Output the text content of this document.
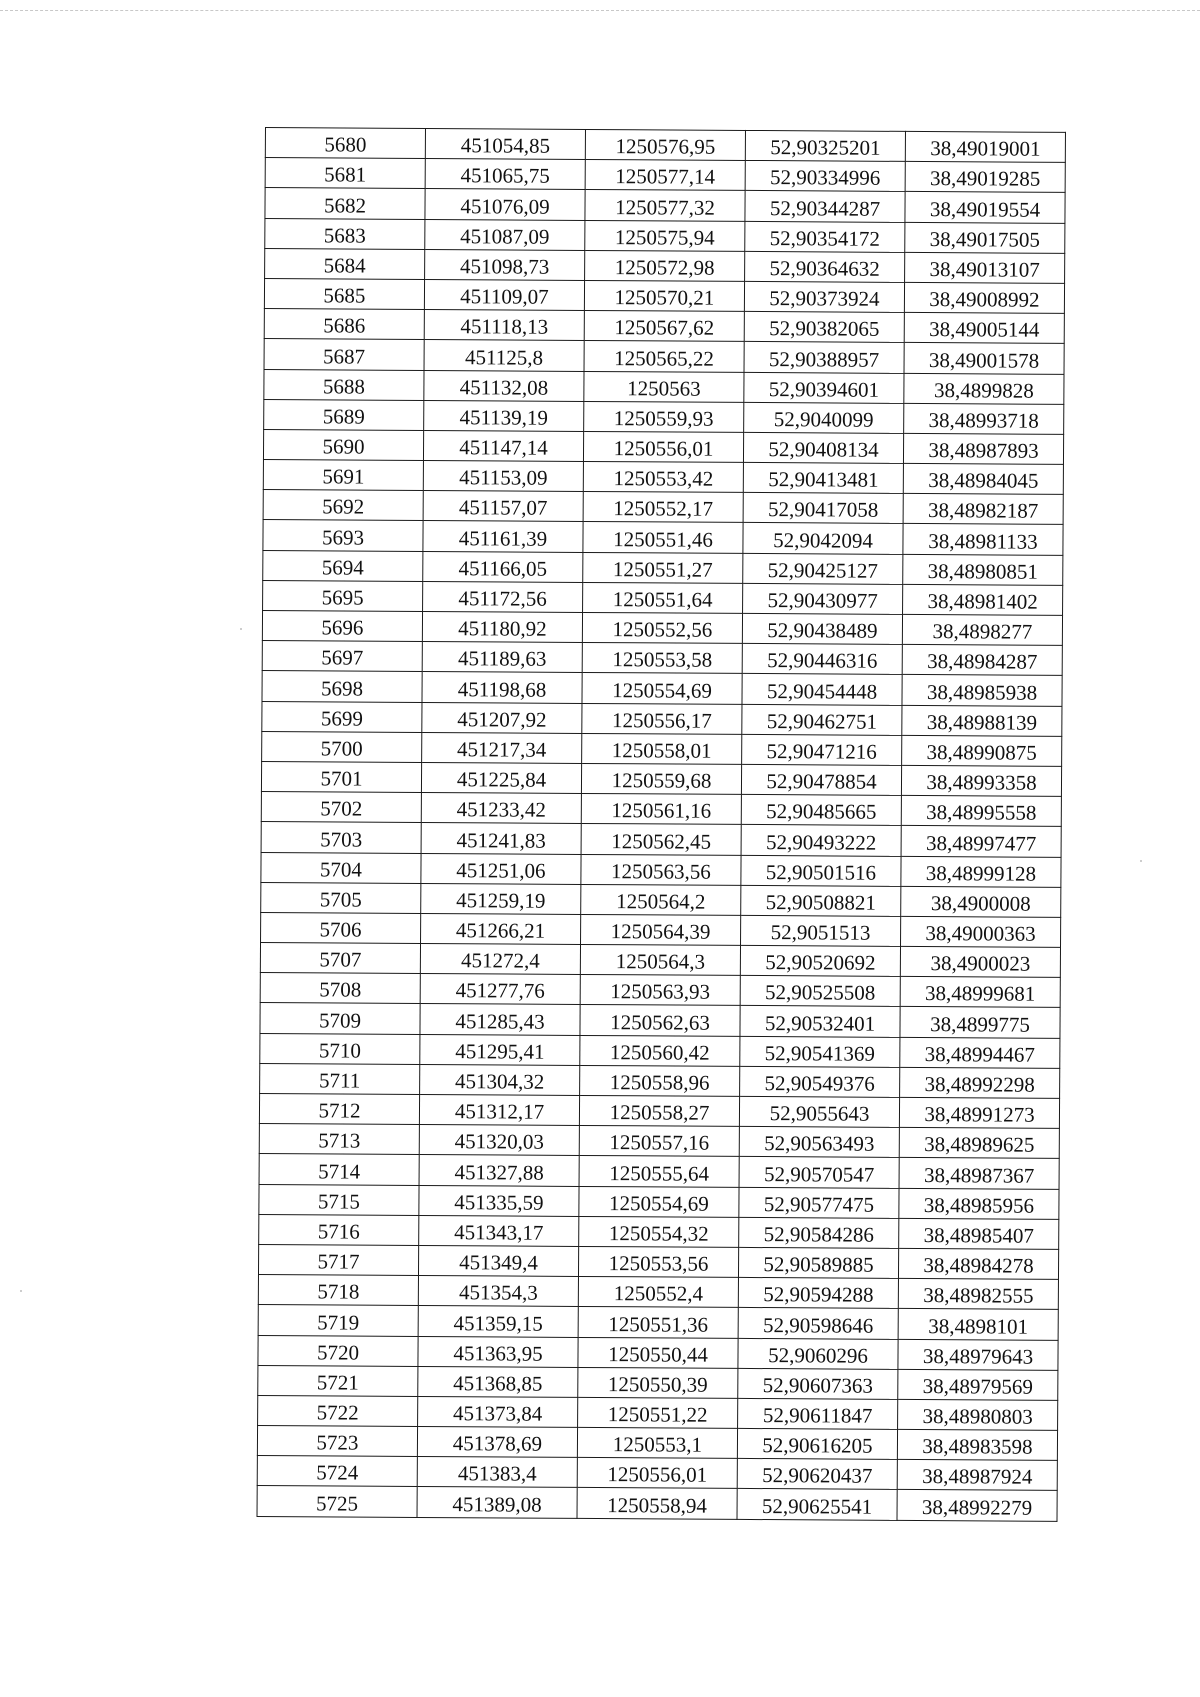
5680	451054,85	1250576,95	52,90325201	38,49019001
5681	451065,75	1250577,14	52,90334996	38,49019285
5682	451076,09	1250577,32	52,90344287	38,49019554
5683	451087,09	1250575,94	52,90354172	38,49017505
5684	451098,73	1250572,98	52,90364632	38,49013107
5685	451109,07	1250570,21	52,90373924	38,49008992
5686	451118,13	1250567,62	52,90382065	38,49005144
5687	451125,8	1250565,22	52,90388957	38,49001578
5688	451132,08	1250563	52,90394601	38,4899828
5689	451139,19	1250559,93	52,9040099	38,48993718
5690	451147,14	1250556,01	52,90408134	38,48987893
5691	451153,09	1250553,42	52,90413481	38,48984045
5692	451157,07	1250552,17	52,90417058	38,48982187
5693	451161,39	1250551,46	52,9042094	38,48981133
5694	451166,05	1250551,27	52,90425127	38,48980851
5695	451172,56	1250551,64	52,90430977	38,48981402
5696	451180,92	1250552,56	52,90438489	38,4898277
5697	451189,63	1250553,58	52,90446316	38,48984287
5698	451198,68	1250554,69	52,90454448	38,48985938
5699	451207,92	1250556,17	52,90462751	38,48988139
5700	451217,34	1250558,01	52,90471216	38,48990875
5701	451225,84	1250559,68	52,90478854	38,48993358
5702	451233,42	1250561,16	52,90485665	38,48995558
5703	451241,83	1250562,45	52,90493222	38,48997477
5704	451251,06	1250563,56	52,90501516	38,48999128
5705	451259,19	1250564,2	52,90508821	38,4900008
5706	451266,21	1250564,39	52,9051513	38,49000363
5707	451272,4	1250564,3	52,90520692	38,4900023
5708	451277,76	1250563,93	52,90525508	38,48999681
5709	451285,43	1250562,63	52,90532401	38,4899775
5710	451295,41	1250560,42	52,90541369	38,48994467
5711	451304,32	1250558,96	52,90549376	38,48992298
5712	451312,17	1250558,27	52,9055643	38,48991273
5713	451320,03	1250557,16	52,90563493	38,48989625
5714	451327,88	1250555,64	52,90570547	38,48987367
5715	451335,59	1250554,69	52,90577475	38,48985956
5716	451343,17	1250554,32	52,90584286	38,48985407
5717	451349,4	1250553,56	52,90589885	38,48984278
5718	451354,3	1250552,4	52,90594288	38,48982555
5719	451359,15	1250551,36	52,90598646	38,4898101
5720	451363,95	1250550,44	52,9060296	38,48979643
5721	451368,85	1250550,39	52,90607363	38,48979569
5722	451373,84	1250551,22	52,90611847	38,48980803
5723	451378,69	1250553,1	52,90616205	38,48983598
5724	451383,4	1250556,01	52,90620437	38,48987924
5725	451389,08	1250558,94	52,90625541	38,48992279
